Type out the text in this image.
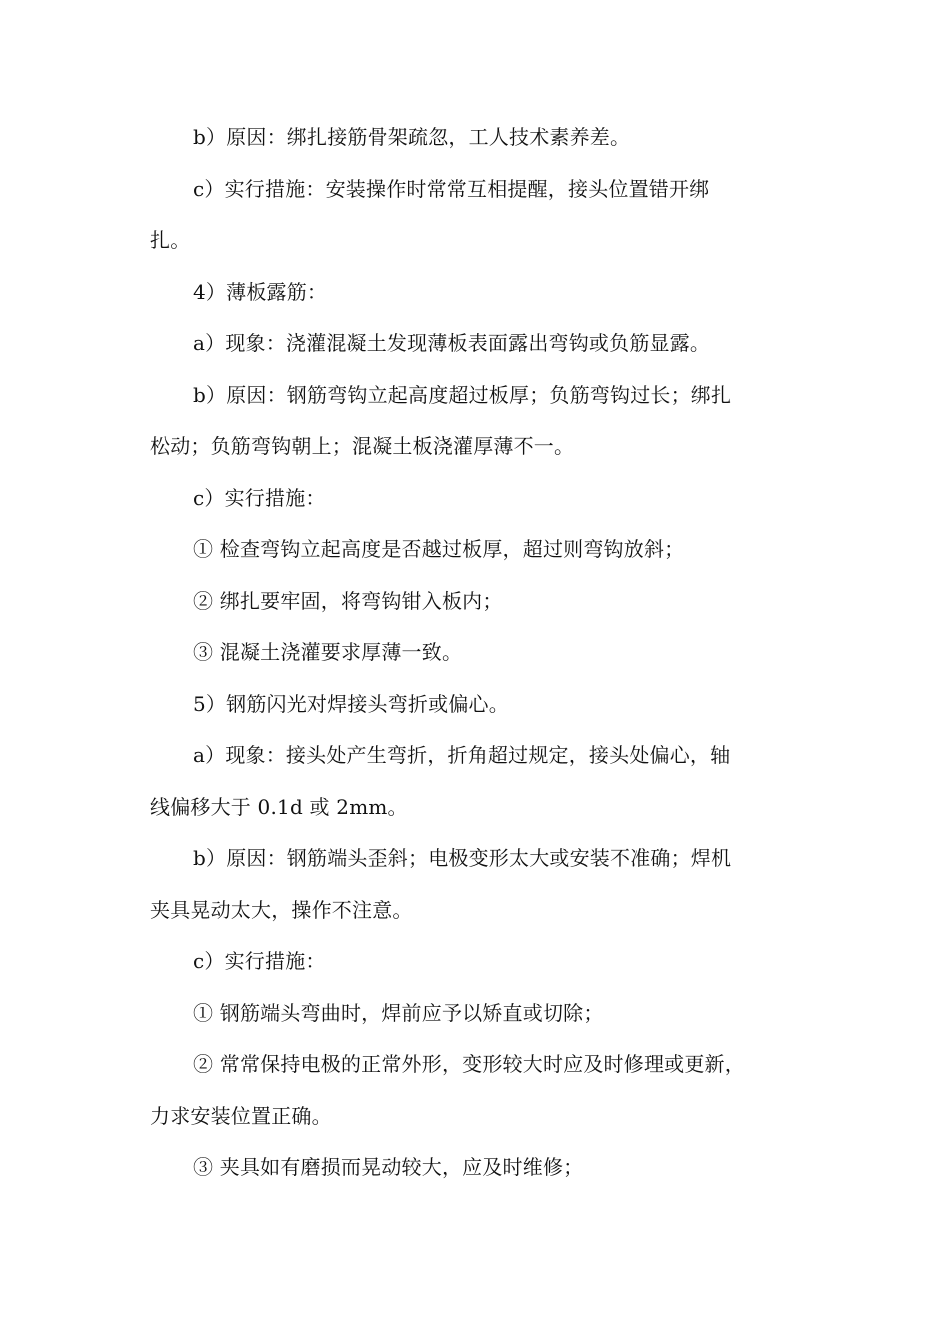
b）原因：绑扎接筋骨架疏忽，工人技术素养差。
c）实行措施：安装操作时常常互相提醒，接头位置错开绑
扎。
4）薄板露筋：
a）现象：浇灌混凝土发现薄板表面露出弯钩或负筋显露。
b）原因：钢筋弯钩立起高度超过板厚；负筋弯钩过长；绑扎
松动；负筋弯钩朝上；混凝土板浇灌厚薄不一。
c）实行措施：
① 检查弯钩立起高度是否越过板厚，超过则弯钩放斜；
② 绑扎要牢固，将弯钩钳入板内；
③ 混凝土浇灌要求厚薄一致。
5）钢筋闪光对焊接头弯折或偏心。
a）现象：接头处产生弯折，折角超过规定，接头处偏心，轴
线偏移大于 0.1d 或 2mm。
b）原因：钢筋端头歪斜；电极变形太大或安装不准确；焊机
夹具晃动太大，操作不注意。
c）实行措施：
① 钢筋端头弯曲时，焊前应予以矫直或切除；
② 常常保持电极的正常外形，变形较大时应及时修理或更新，
力求安装位置正确。
③ 夹具如有磨损而晃动较大，应及时维修；
